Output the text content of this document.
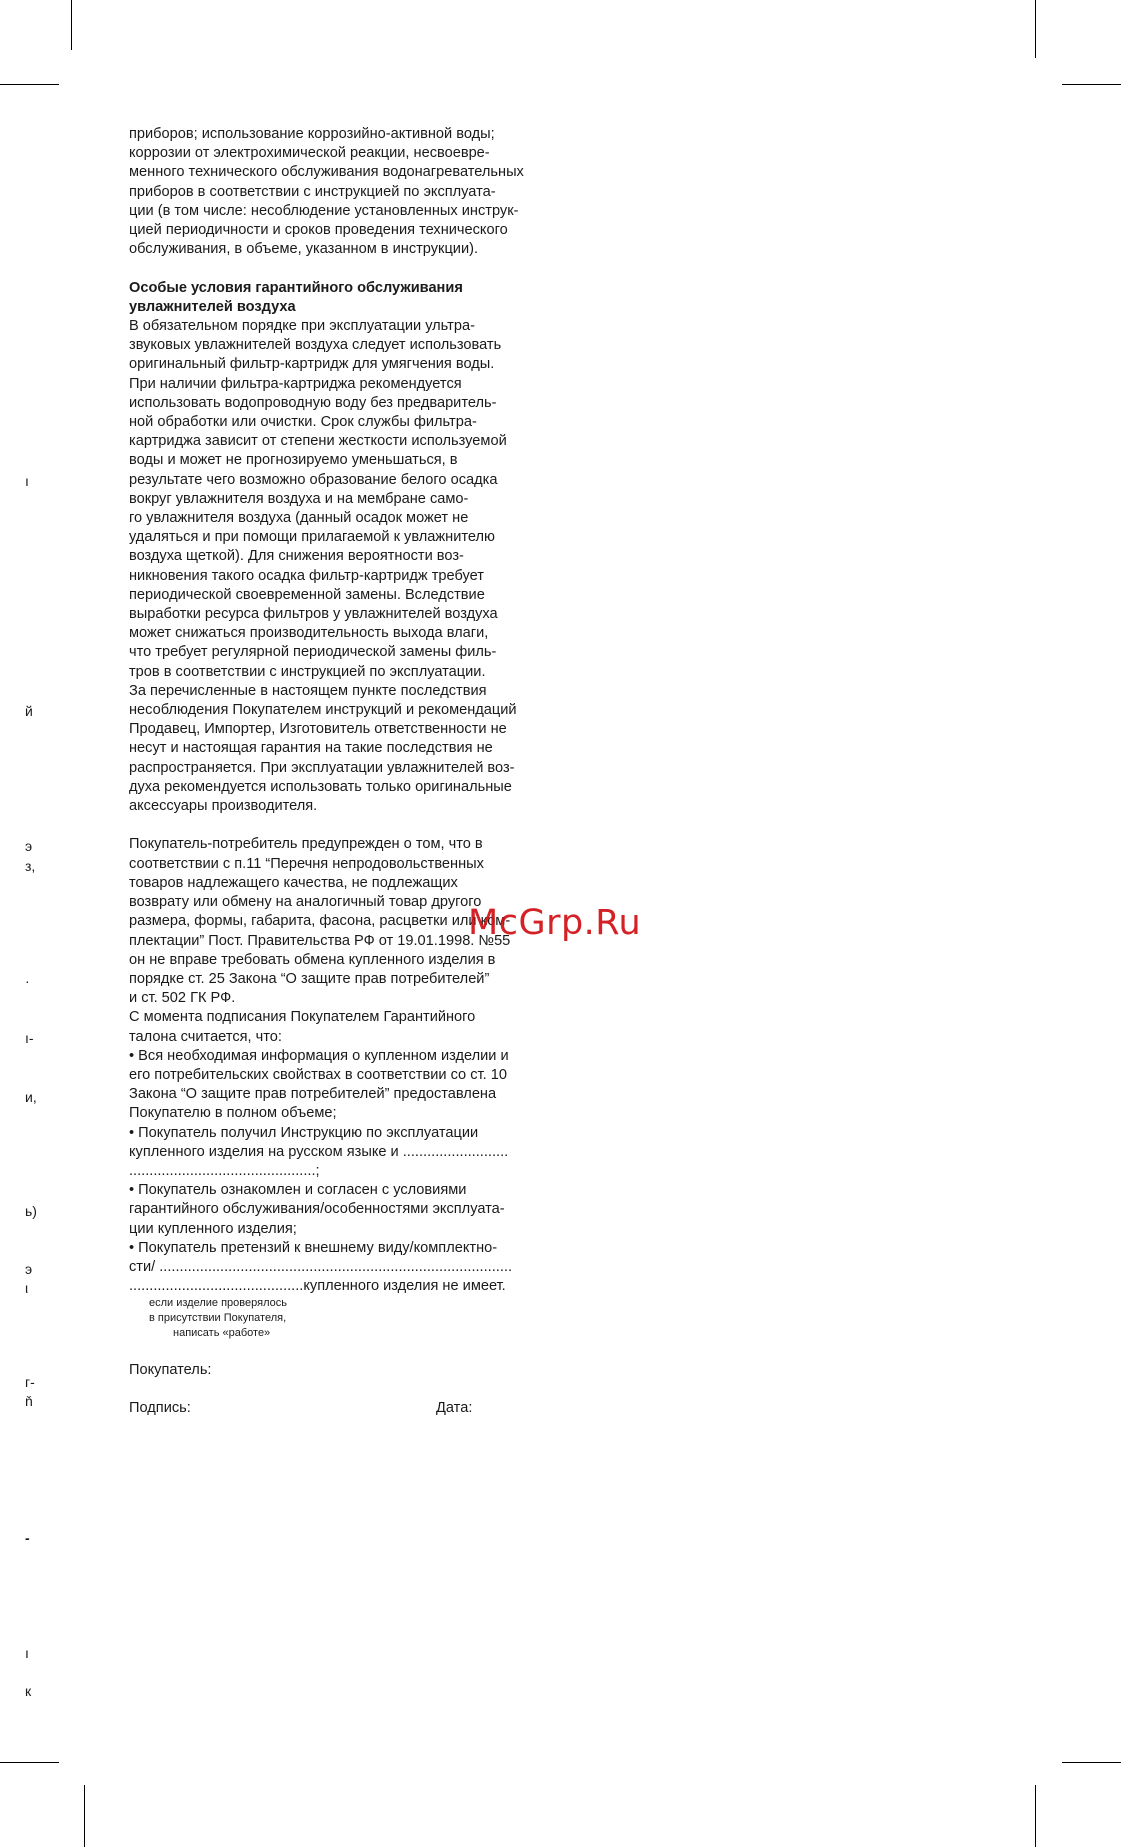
ı
й
э
з,
·
ı-
и,
ь)
э
ι
г-
ň
-
ı
к
приборов; использование коррозийно-активной воды;
коррозии от электрохимической реакции, несвоевре-
менного технического обслуживания водонагревательных
приборов в соответствии с инструкцией по эксплуата-
ции (в том числе: несоблюдение установленных инструк-
цией периодичности и сроков проведения технического
обслуживания, в объеме, указанном в инструкции).
Особые условия гарантийного обслуживания
увлажнителей воздуха
В обязательном порядке при эксплуатации ультра-
звуковых увлажнителей воздуха следует использовать
оригинальный фильтр-картридж для умягчения воды.
При наличии фильтра-картриджа рекомендуется
использовать водопроводную воду без предваритель-
ной обработки или очистки. Срок службы фильтра-
картриджа зависит от степени жесткости используемой
воды и может не прогнозируемо уменьшаться, в
результате чего возможно образование белого осадка
вокруг увлажнителя воздуха и на мембране само-
го увлажнителя воздуха (данный осадок может не
удаляться и при помощи прилагаемой к увлажнителю
воздуха щеткой). Для снижения вероятности воз-
никновения такого осадка фильтр-картридж требует
периодической своевременной замены. Вследствие
выработки ресурса фильтров у увлажнителей воздуха
может снижаться производительность выхода влаги,
что требует регулярной периодической замены филь-
тров в соответствии с инструкцией по эксплуатации.
За перечисленные в настоящем пункте последствия
несоблюдения Покупателем инструкций и рекомендаций
Продавец, Импортер, Изготовитель ответственности не
несут и настоящая гарантия на такие последствия не
распространяется. При эксплуатации увлажнителей воз-
духа рекомендуется использовать только оригинальные
аксессуары производителя.
Покупатель-потребитель предупрежден о том, что в
соответствии с п.11 “Перечня непродовольственных
товаров надлежащего качества, не подлежащих
возврату или обмену на аналогичный товар другого
размера, формы, габарита, фасона, расцветки или ком-
плектации” Пост. Правительства РФ от 19.01.1998. №55
он не вправе требовать обмена купленного изделия в
порядке ст. 25 Закона “О защите прав потребителей”
и ст. 502 ГК РФ.
С момента подписания Покупателем Гарантийного
талона считается, что:
• Вся необходимая информация о купленном изделии и
его потребительских свойствах в соответствии со ст. 10
Закона “О защите прав потребителей” предоставлена
Покупателю в полном объеме;
• Покупатель получил Инструкцию по эксплуатации
купленного изделия на русском языке и ..........................
..............................................;
• Покупатель ознакомлен и согласен с условиями
гарантийного обслуживания/особенностями эксплуата-
ции купленного изделия;
• Покупатель претензий к внешнему виду/комплектно-
сти/ .......................................................................................
...........................................купленного изделия не имеет.
если изделие проверялось
в присутствии Покупателя,
написать «работе»
Покупатель:
Подпись:	Дата:
McGrp.Ru
